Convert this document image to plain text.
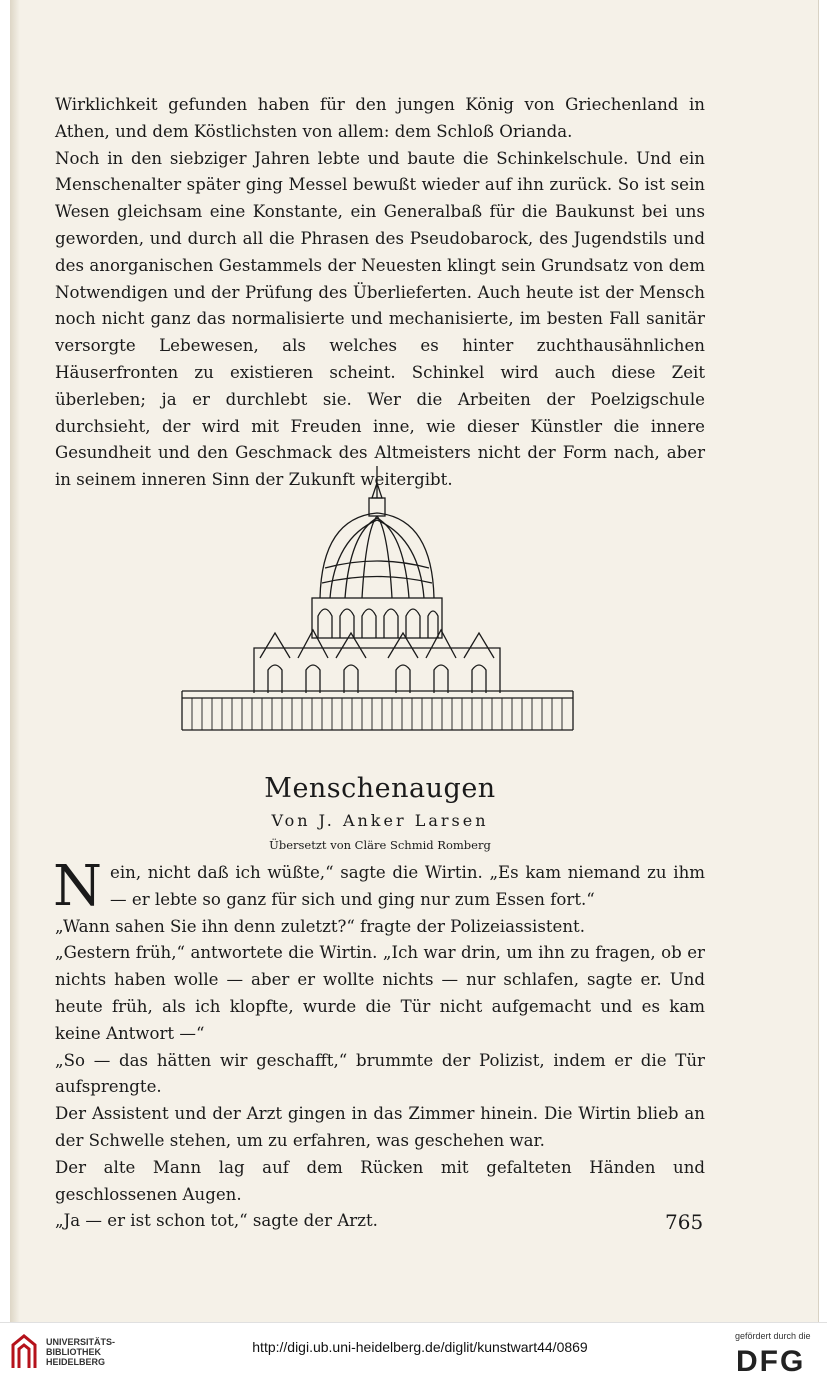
Wirklichkeit gefunden haben für den jungen König von Griechenland in Athen, und dem Köstlichsten von allem: dem Schloß Orianda.

Noch in den siebziger Jahren lebte und baute die Schinkelschule. Und ein Menschenalter später ging Messel bewußt wieder auf ihn zurück. So ist sein Wesen gleichsam eine Konstante, ein Generalbaß für die Baukunst bei uns geworden, und durch all die Phrasen des Pseudobarock, des Jugendstils und des anorganischen Gestammels der Neuesten klingt sein Grundsatz von dem Notwendigen und der Prüfung des Überlieferten. Auch heute ist der Mensch noch nicht ganz das normalisierte und mechanisierte, im besten Fall sanitär versorgte Lebewesen, als welches es hinter zuchthausähnlichen Häuserfronten zu existieren scheint. Schinkel wird auch diese Zeit überleben; ja er durchlebt sie. Wer die Arbeiten der Poelzigschule durchsieht, der wird mit Freuden inne, wie dieser Künstler die innere Gesundheit und den Geschmack des Altmeisters nicht der Form nach, aber in seinem inneren Sinn der Zukunft weitergibt.

Menschenaugen
Von J. Anker Larsen
Übersetzt von Cläre Schmid Romberg

Nein, nicht daß ich wüßte,“ sagte die Wirtin. „Es kam niemand zu ihm — er lebte so ganz für sich und ging nur zum Essen fort.“

„Wann sahen Sie ihn denn zuletzt?“ fragte der Polizeiassistent.

„Gestern früh,“ antwortete die Wirtin. „Ich war drin, um ihn zu fragen, ob er nichts haben wolle — aber er wollte nichts — nur schlafen, sagte er. Und heute früh, als ich klopfte, wurde die Tür nicht aufgemacht und es kam keine Antwort —“

„So — das hätten wir geschafft,“ brummte der Polizist, indem er die Tür aufsprengte.

Der Assistent und der Arzt gingen in das Zimmer hinein. Die Wirtin blieb an der Schwelle stehen, um zu erfahren, was geschehen war.

Der alte Mann lag auf dem Rücken mit gefalteten Händen und geschlossenen Augen.

„Ja — er ist schon tot,“ sagte der Arzt.	765
UNIVERSITÄTS-
BIBLIOTHEK
HEIDELBERG
http://digi.ub.uni-heidelberg.de/diglit/kunstwart44/0869
gefördert durch die
DFG
